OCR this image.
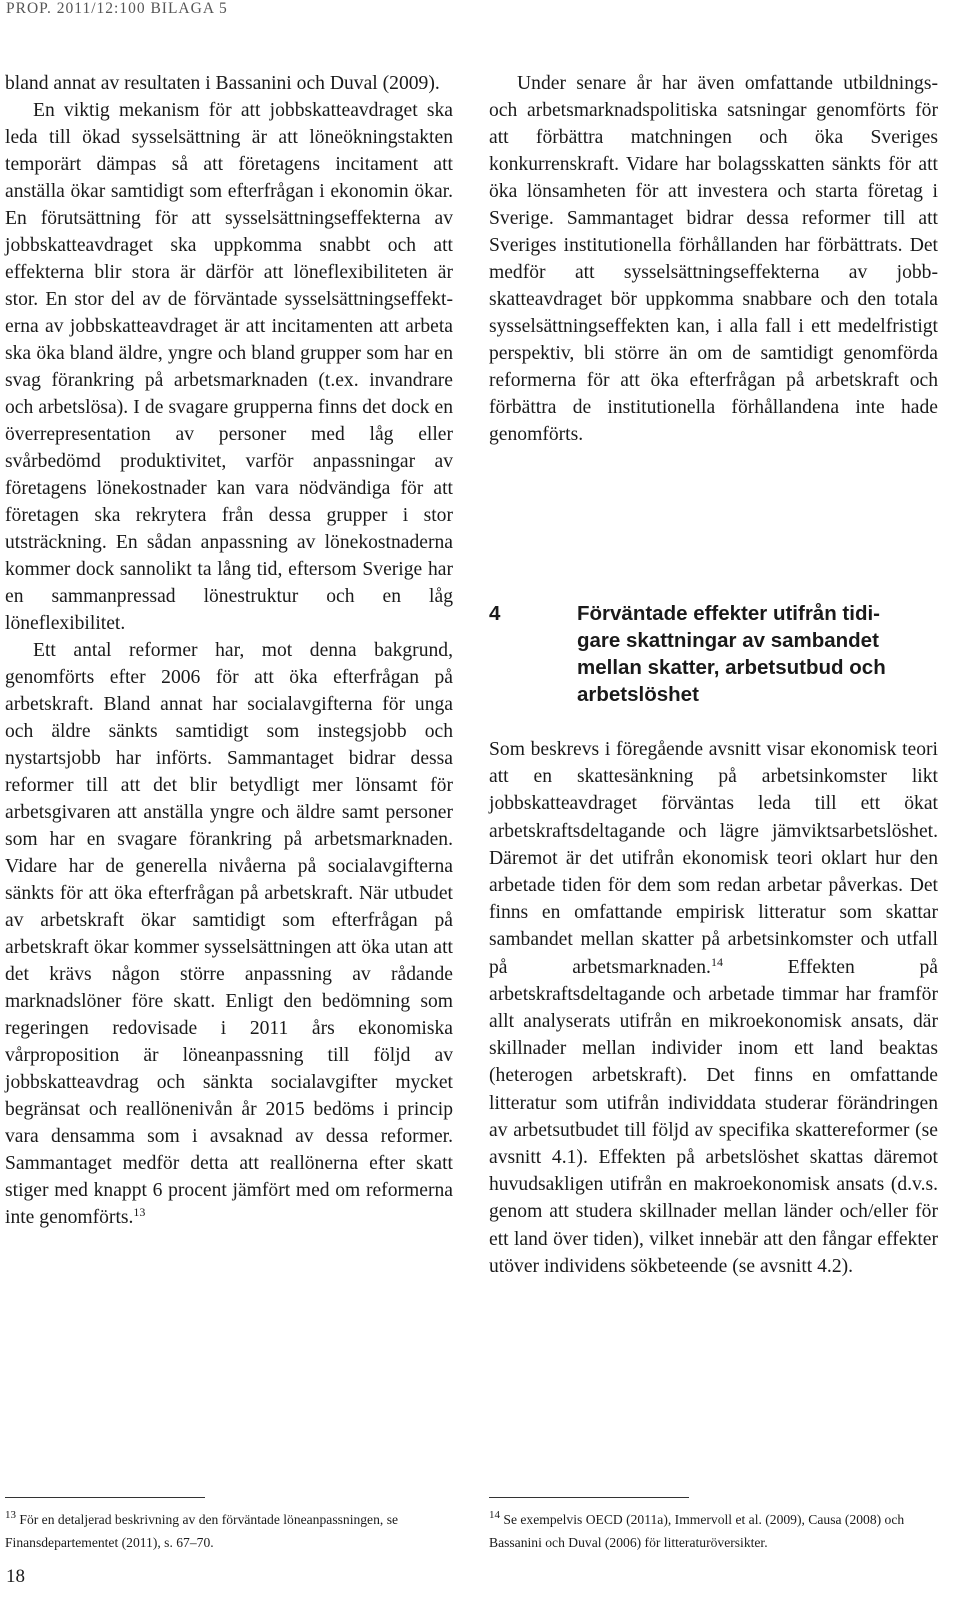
PROP. 2011/12:100 BILAGA 5

bland annat av resultaten i Bassanini och Duval (2009).

En viktig mekanism för att jobbskatteavdraget ska leda till ökad sysselsättning är att löneökningstakten temporärt dämpas så att företagens incitament att anställa ökar samtidigt som efterfrågan i ekonomin ökar. En förutsättning för att sysselsättningseffekterna av jobbskatteavdraget ska uppkomma snabbt och att effekterna blir stora är därför att löneflexibiliteten är stor. En stor del av de förväntade sysselsättningseffekterna av jobbskatteavdraget är att incitamenten att arbeta ska öka bland äldre, yngre och bland grupper som har en svag förankring på arbetsmarknaden (t.ex. invandrare och arbetslösa). I de svagare grupperna finns det dock en överrepresentation av personer med låg eller svårbedömd produktivitet, varför anpassningar av företagens lönekostnader kan vara nödvändiga för att företagen ska rekrytera från dessa grupper i stor utsträckning. En sådan anpassning av lönekostnaderna kommer dock sannolikt ta lång tid, eftersom Sverige har en sammanpressad lönestruktur och en låg löneflexibilitet.

Ett antal reformer har, mot denna bakgrund, genomförts efter 2006 för att öka efterfrågan på arbetskraft. Bland annat har socialavgifterna för unga och äldre sänkts samtidigt som instegsjobb och nystartsjobb har införts. Sammantaget bidrar dessa reformer till att det blir betydligt mer lönsamt för arbetsgivaren att anställa yngre och äldre samt personer som har en svagare förankring på arbetsmarknaden. Vidare har de generella nivåerna på socialavgifterna sänkts för att öka efterfrågan på arbetskraft. När utbudet av arbetskraft ökar samtidigt som efterfrågan på arbetskraft ökar kommer sysselsättningen att öka utan att det krävs någon större anpassning av rådande marknadslöner före skatt. Enligt den bedömning som regeringen redovisade i 2011 års ekonomiska vårproposition är löneanpassning till följd av jobbskatteavdrag och sänkta socialavgifter mycket begränsat och reallönenivån år 2015 bedöms i princip vara densamma som i avsaknad av dessa reformer. Sammantaget medför detta att reallönerna efter skatt stiger med knappt 6 procent jämfört med om reformerna inte genomförts.$^{13}$

Under senare år har även omfattande utbildnings- och arbetsmarknadspolitiska satsningar genomförts för att förbättra matchningen och öka Sveriges konkurrenskraft. Vidare har bolagsskatten sänkts för att öka lönsamheten för att investera och starta företag i Sverige. Sammantaget bidrar dessa reformer till att Sveriges institutionella förhållanden har förbättrats. Det medför att sysselsättningseffekterna av jobbskatteavdraget bör uppkomma snabbare och den totala sysselsättningseffekten kan, i alla fall i ett medelfristigt perspektiv, bli större än om de samtidigt genomförda reformerna för att öka efterfrågan på arbetskraft och förbättra de institutionella förhållandena inte hade genomförts.

4	Förväntade effekter utifrån tidigare skattningar av sambandet mellan skatter, arbetsutbud och arbetslöshet

Som beskrevs i föregående avsnitt visar ekonomisk teori att en skattesänkning på arbetsinkomster likt jobbskatteavdraget förväntas leda till ett ökat arbetskraftsdeltagande och lägre jämviktsarbetslöshet. Däremot är det utifrån ekonomisk teori oklart hur den arbetade tiden för dem som redan arbetar påverkas. Det finns en omfattande empirisk litteratur som skattar sambandet mellan skatter på arbetsinkomster och utfall på arbetsmarknaden.$^{14}$ Effekten på arbetskraftsdeltagande och arbetade timmar har framför allt analyserats utifrån en mikroekonomisk ansats, där skillnader mellan individer inom ett land beaktas (heterogen arbetskraft). Det finns en omfattande litteratur som utifrån individdata studerar förändringen av arbetsutbudet till följd av specifika skattereformer (se avsnitt 4.1). Effekten på arbetslöshet skattas däremot huvudsakligen utifrån en makroekonomisk ansats (d.v.s. genom att studera skillnader mellan länder och/eller för ett land över tiden), vilket innebär att den fångar effekter utöver individens sökbeteende (se avsnitt 4.2).

$^{13}$ För en detaljerad beskrivning av den förväntade löneanpassningen, se Finansdepartementet (2011), s. 67–70.
$^{14}$ Se exempelvis OECD (2011a), Immervoll et al. (2009), Causa (2008) och Bassanini och Duval (2006) för litteraturöversikter.
18
